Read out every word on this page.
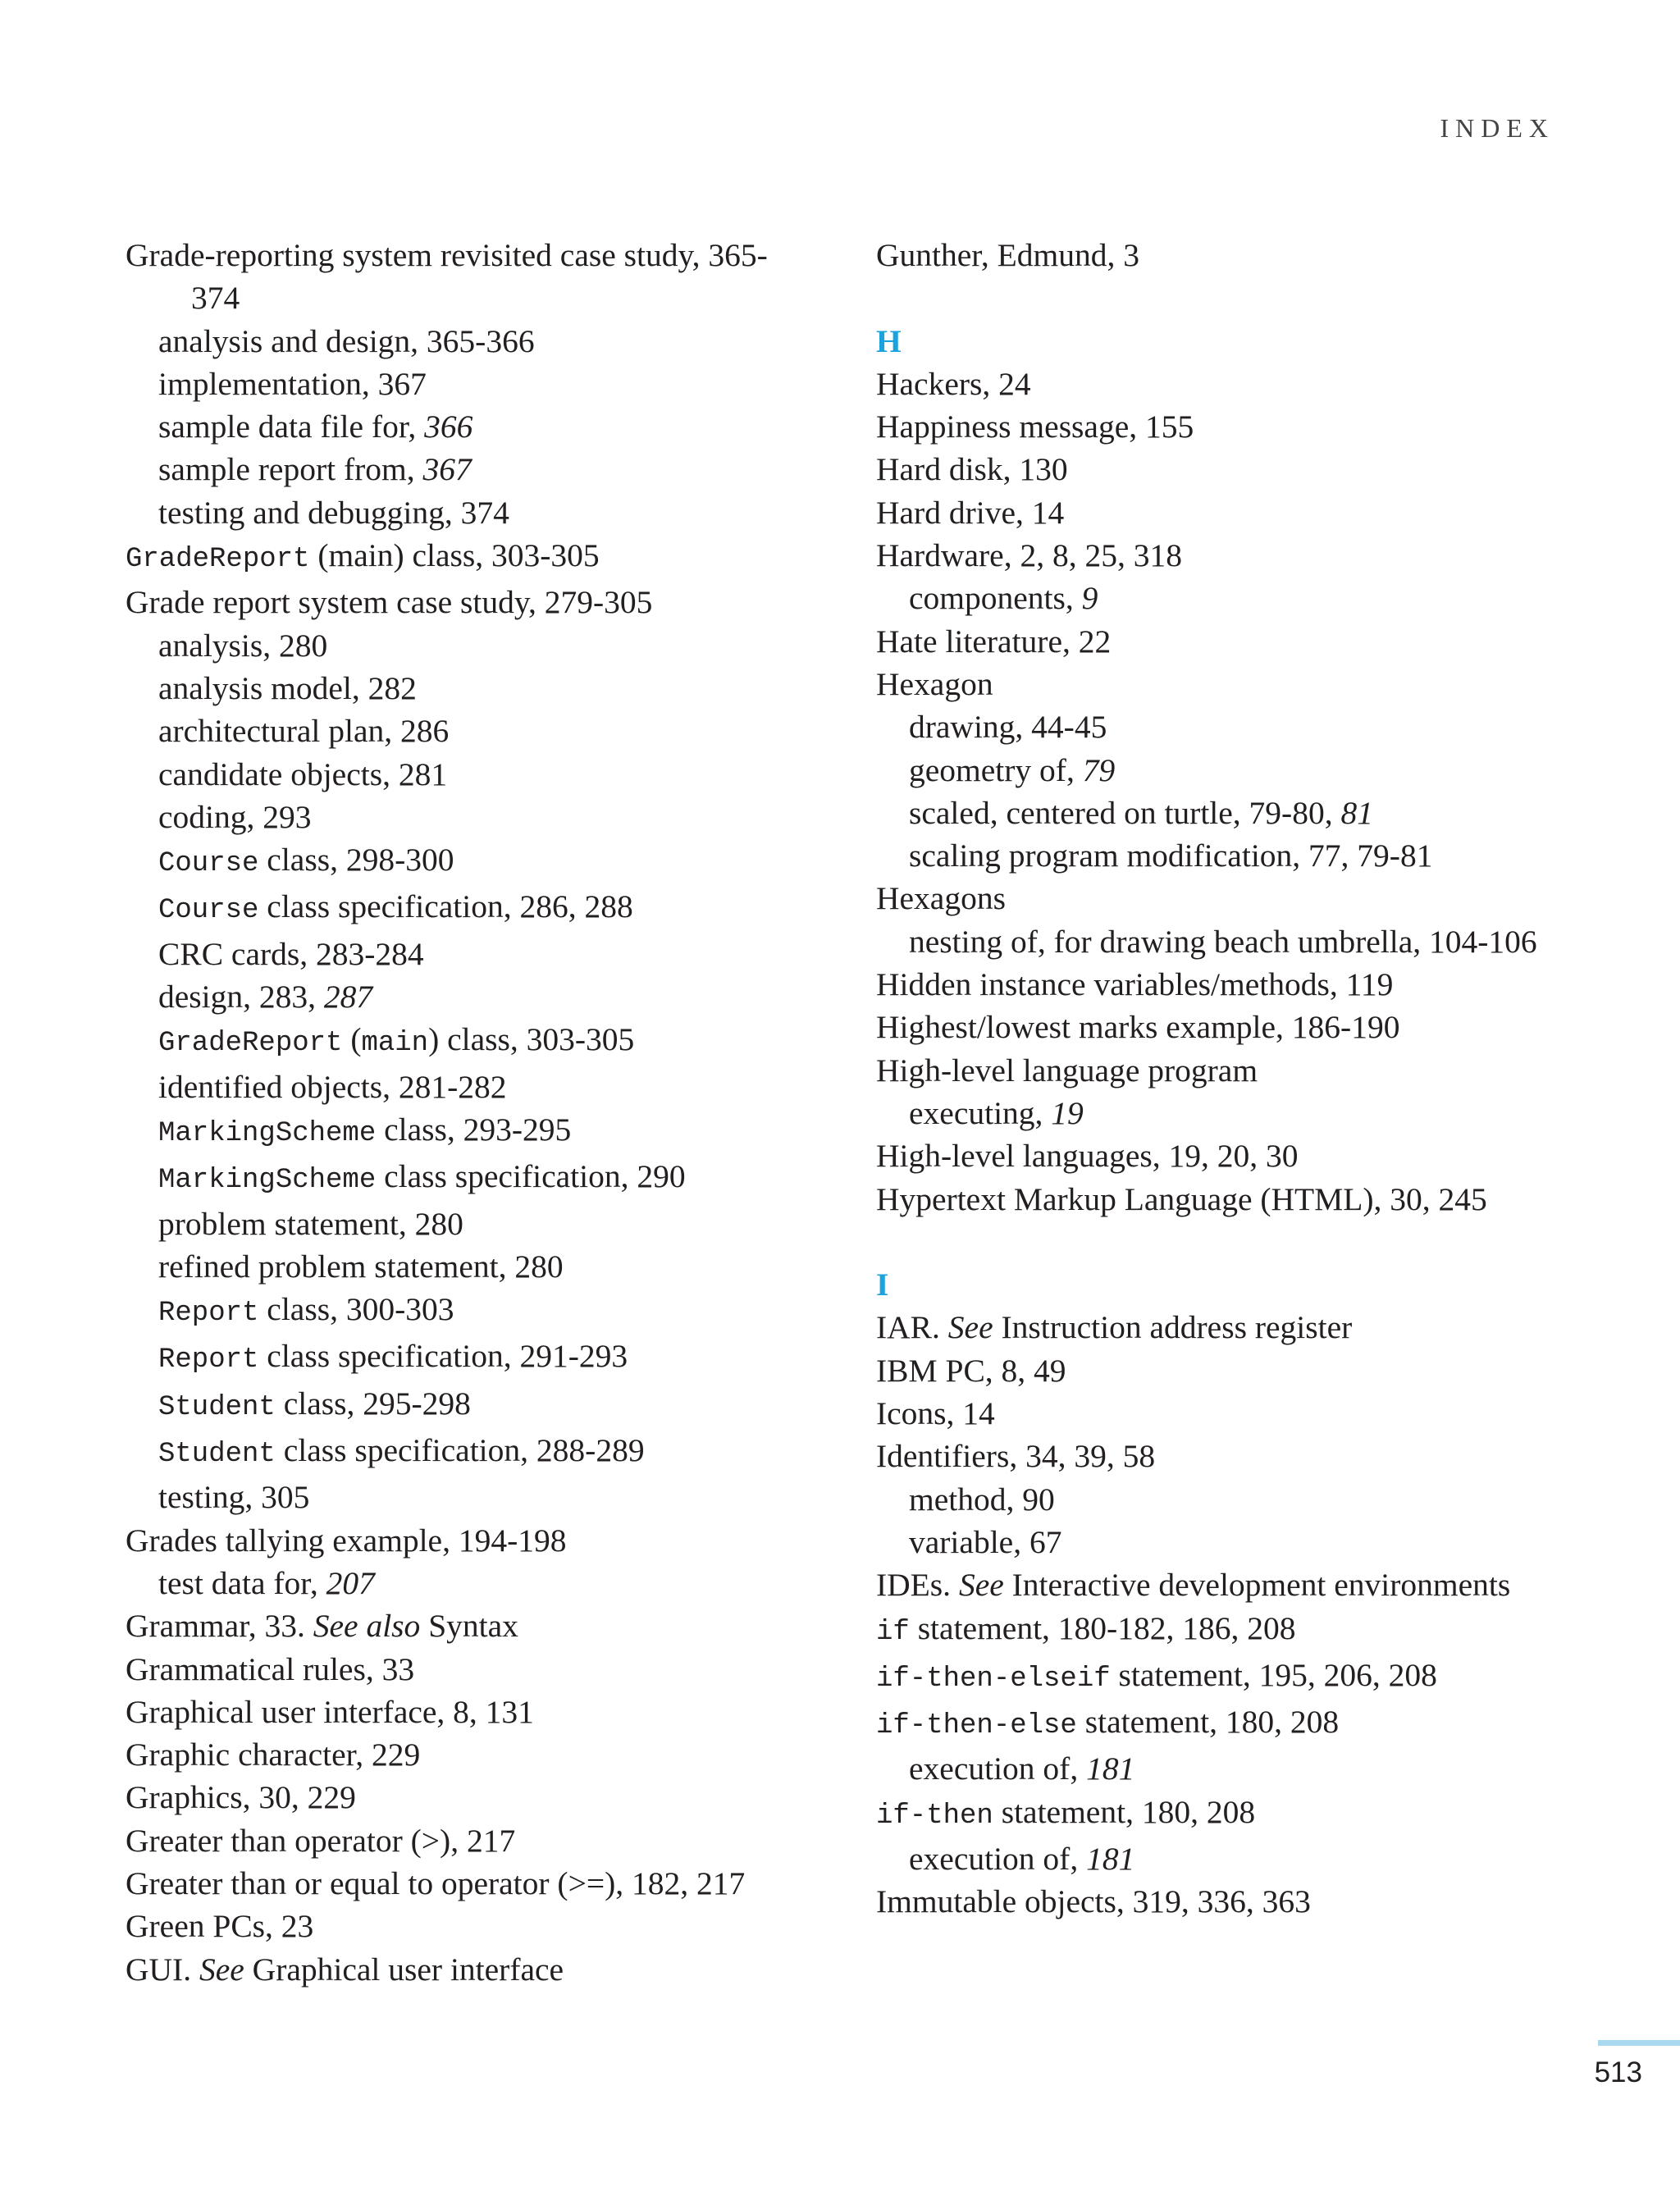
INDEX
Grade-reporting system revisited case study, 365-
374
analysis and design, 365-366
implementation, 367
sample data file for, 366
sample report from, 367
testing and debugging, 374
GradeReport (main) class, 303-305
Grade report system case study, 279-305
analysis, 280
analysis model, 282
architectural plan, 286
candidate objects, 281
coding, 293
Course class, 298-300
Course class specification, 286, 288
CRC cards, 283-284
design, 283, 287
GradeReport (main) class, 303-305
identified objects, 281-282
MarkingScheme class, 293-295
MarkingScheme class specification, 290
problem statement, 280
refined problem statement, 280
Report class, 300-303
Report class specification, 291-293
Student class, 295-298
Student class specification, 288-289
testing, 305
Grades tallying example, 194-198
test data for, 207
Grammar, 33. See also Syntax
Grammatical rules, 33
Graphical user interface, 8, 131
Graphic character, 229
Graphics, 30, 229
Greater than operator (>), 217
Greater than or equal to operator (>=), 182, 217
Green PCs, 23
GUI. See Graphical user interface
Gunther, Edmund, 3
H
Hackers, 24
Happiness message, 155
Hard disk, 130
Hard drive, 14
Hardware, 2, 8, 25, 318
components, 9
Hate literature, 22
Hexagon
drawing, 44-45
geometry of, 79
scaled, centered on turtle, 79-80, 81
scaling program modification, 77, 79-81
Hexagons
nesting of, for drawing beach umbrella, 104-106
Hidden instance variables/methods, 119
Highest/lowest marks example, 186-190
High-level language program
executing, 19
High-level languages, 19, 20, 30
Hypertext Markup Language (HTML), 30, 245
I
IAR. See Instruction address register
IBM PC, 8, 49
Icons, 14
Identifiers, 34, 39, 58
method, 90
variable, 67
IDEs. See Interactive development environments
if statement, 180-182, 186, 208
if-then-elseif statement, 195, 206, 208
if-then-else statement, 180, 208
execution of, 181
if-then statement, 180, 208
execution of, 181
Immutable objects, 319, 336, 363
513
